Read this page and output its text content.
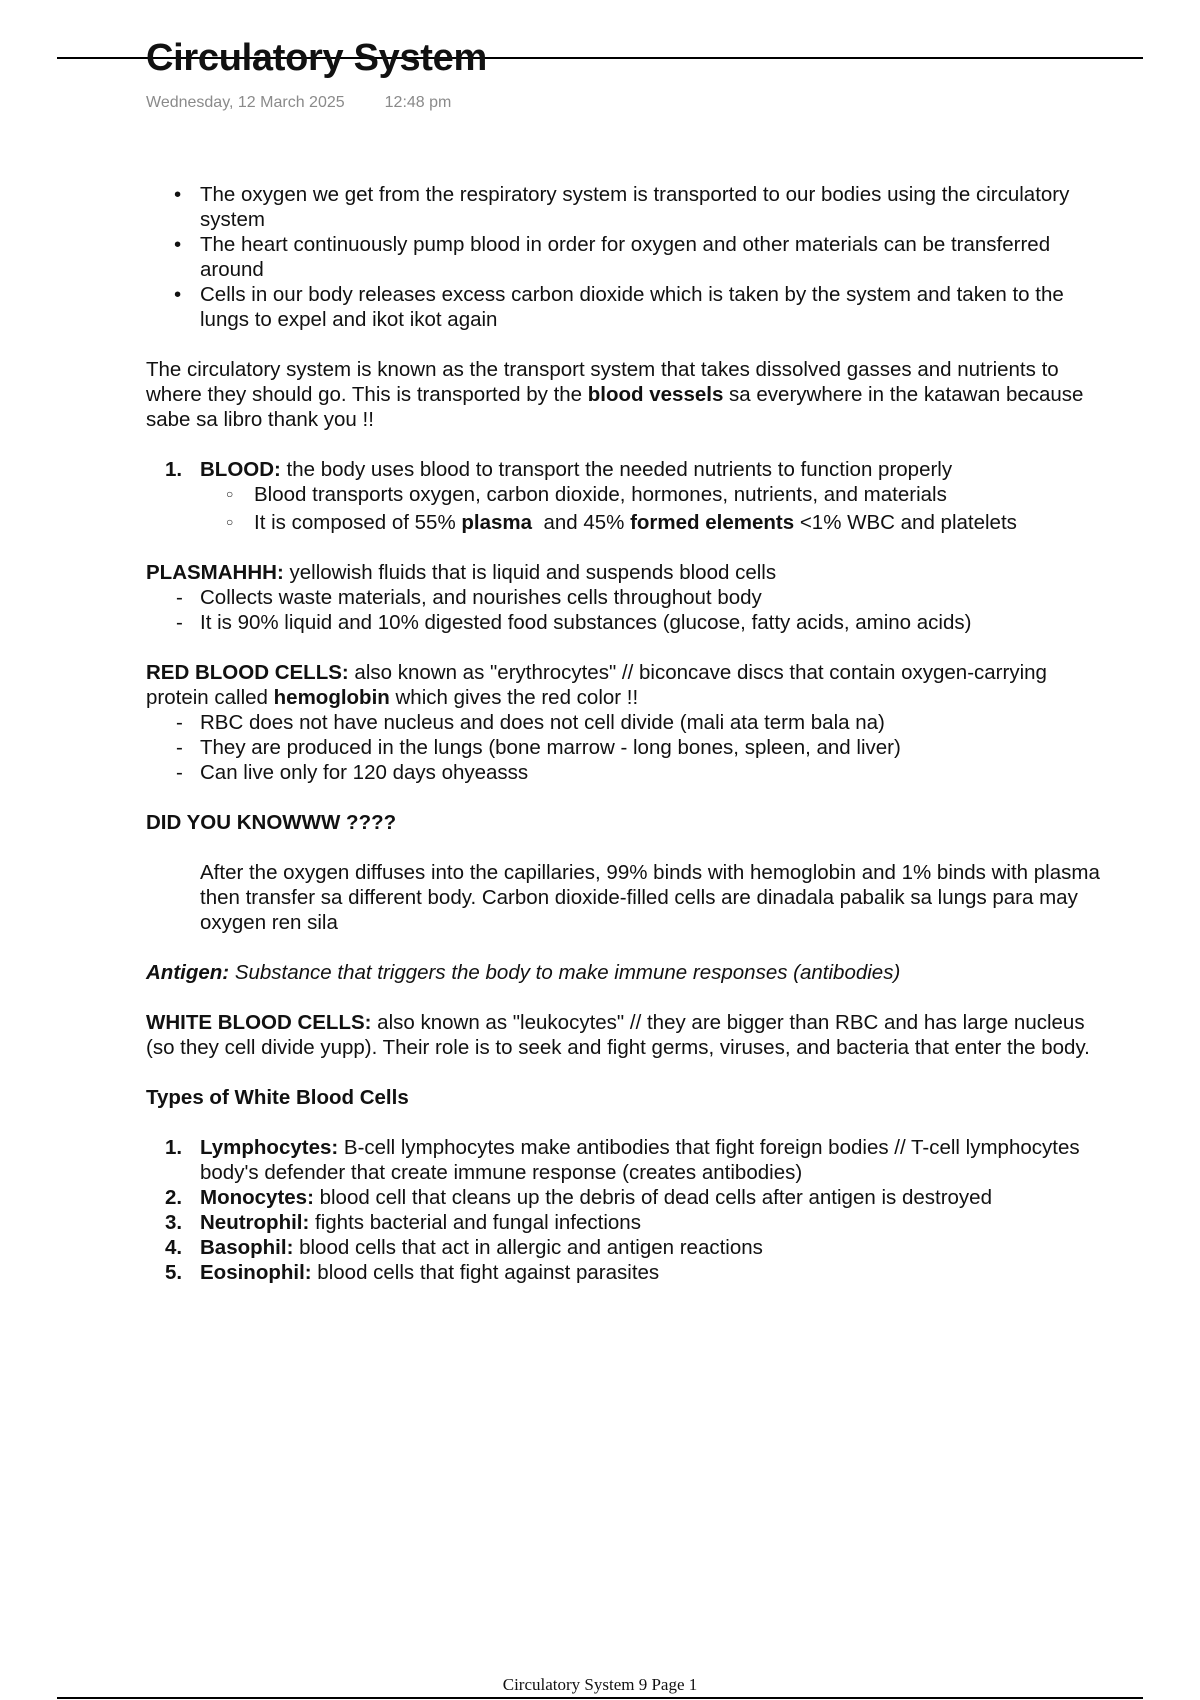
Circulatory System
Wednesday, 12 March 2025	12:48 pm
• The oxygen we get from the respiratory system is transported to our bodies using the circulatory system
• The heart continuously pump blood in order for oxygen and other materials can be transferred around
• Cells in our body releases excess carbon dioxide which is taken by the system and taken to the lungs to expel and ikot ikot again

The circulatory system is known as the transport system that takes dissolved gasses and nutrients to where they should go. This is transported by the blood vessels sa everywhere in the katawan because sabe sa libro thank you !!

1. BLOOD: the body uses blood to transport the needed nutrients to function properly
○ Blood transports oxygen, carbon dioxide, hormones, nutrients, and materials
○ It is composed of 55% plasma  and 45% formed elements <1% WBC and platelets

PLASMAHHH: yellowish fluids that is liquid and suspends blood cells

- Collects waste materials, and nourishes cells throughout body
- It is 90% liquid and 10% digested food substances (glucose, fatty acids, amino acids)

RED BLOOD CELLS: also known as "erythrocytes" // biconcave discs that contain oxygen-carrying protein called hemoglobin which gives the red color !!

- RBC does not have nucleus and does not cell divide (mali ata term bala na)
- They are produced in the lungs (bone marrow - long bones, spleen, and liver)
- Can live only for 120 days ohyeasss

DID YOU KNOWWW ????

After the oxygen diffuses into the capillaries, 99% binds with hemoglobin and 1% binds with plasma then transfer sa different body. Carbon dioxide-filled cells are dinadala pabalik sa lungs para may oxygen ren sila

Antigen: Substance that triggers the body to make immune responses (antibodies)

WHITE BLOOD CELLS: also known as "leukocytes" // they are bigger than RBC and has large nucleus (so they cell divide yupp). Their role is to seek and fight germs, viruses, and bacteria that enter the body.

Types of White Blood Cells

1. Lymphocytes: B-cell lymphocytes make antibodies that fight foreign bodies // T-cell lymphocytes body's defender that create immune response (creates antibodies)
2. Monocytes: blood cell that cleans up the debris of dead cells after antigen is destroyed
3. Neutrophil: fights bacterial and fungal infections
4. Basophil: blood cells that act in allergic and antigen reactions
5. Eosinophil: blood cells that fight against parasites
Circulatory System 9 Page 1
